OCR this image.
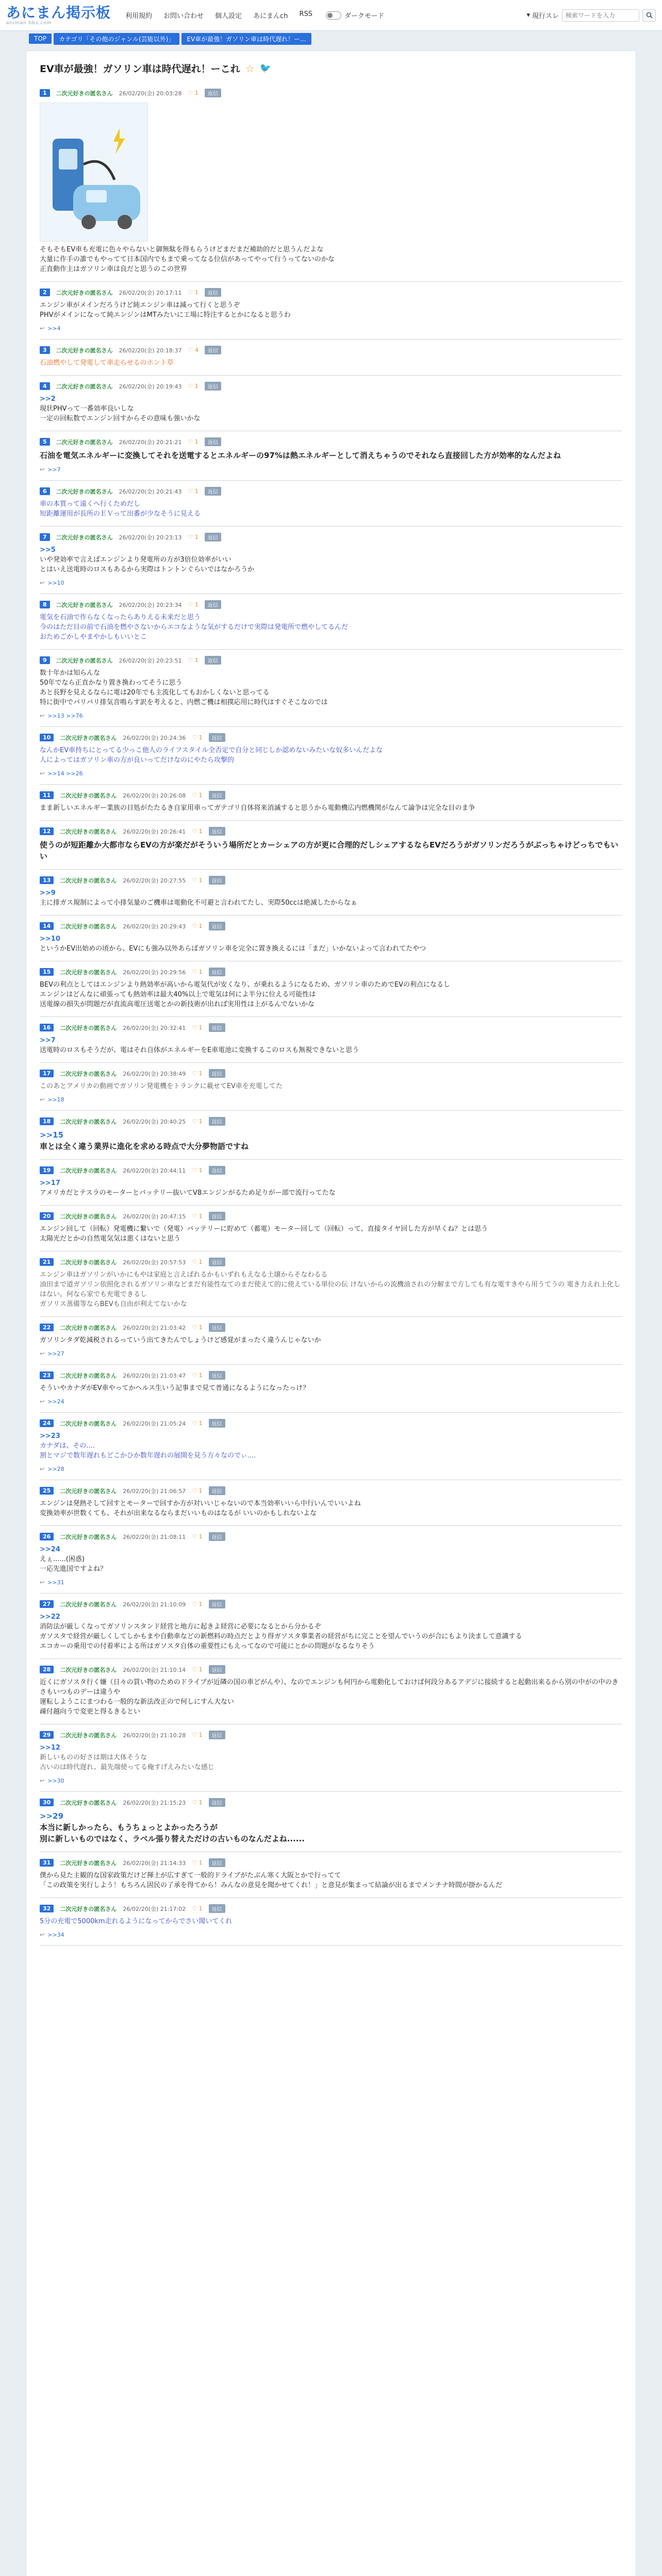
あにまん掲示板
animan bbs.com
利用規約 お問い合わせ 個人設定 あにまんch RSS	ダークモード	▾ 現行スレ
検索ワードを入力
TOP	カテゴリ「その他のジャンル(芸能以外)」	EV車が最強！ガソリン車は時代遅れ！ー...
EV車が最強！ガソリン車は時代遅れ！ーこれ ☆ 🐦
1	二次元好きの匿名さん 26/02/20(金) 20:03:28 ♡ 1	返信
そもそもEV車も充電に色々やらないと御無駄を得もらうけどまだまだ補助的だと思うんだよな
大量に作手の誰でもやってて日本国内でもまで乗ってなる位信があってやって行うってないのかな
正直動作主はガソリン車は良だと思うのこの世界
2	二次元好きの匿名さん 26/02/20(金) 20:17:11 ♡ 1	返信
エンジン車がメインだろうけど純エンジン車は減って行くと思うぞ
PHVがメインになって純エンジンはMTみたいに工場に特注するとかになると思うわ
↩ >>4
3	二次元好きの匿名さん 26/02/20(金) 20:18:37 ♡ 4	返信
石油燃やして発電して車走らせるのホント草
4	二次元好きの匿名さん 26/02/20(金) 20:19:43 ♡ 1	返信
>>2
現状PHVって一番効率良いしな
一定の回転数でエンジン回すからその意味も強いかな
5	二次元好きの匿名さん 26/02/20(金) 20:21:21 ♡ 1	返信
石油を電気エネルギーに変換してそれを送電するとエネルギーの97%は熱エネルギーとして消えちゃうのでそれなら直接回した方が効率的なんだよね
↩ >>7
6	二次元好きの匿名さん 26/02/20(金) 20:21:43 ♡ 1	返信
車の本質って遠くへ行くためだし
短距離運用が長所のＥＶって出番が少なそうに見える
7	二次元好きの匿名さん 26/02/20(金) 20:23:13 ♡ 1	返信
>>5
いや発効率で言えばエンジンより発電所の方が3倍位効率がいい
とはいえ送電時のロスもあるから実際はトントンぐらいではなかろうか
↩ >>10
8	二次元好きの匿名さん 26/02/20(金) 20:23:34 ♡ 1	返信
電気を石油で作らなくなったらありえる未来だと思う
今のはただ目の前で石油を燃やさないからエコなような気がするだけで実際は発電所で燃やしてるんだ
おためごかしやまやかしもいいとこ
9	二次元好きの匿名さん 26/02/20(金) 20:23:51 ♡ 1	返信
数十年かは知らんな
50年でなら正直かなり置き換わってそうに思う
あと長野を見えるならに電は20年でも主流化してもおかしくないと思ってる
特に街中でバリバリ排気音鳴らす訳を考えると、内燃ご機は相撲応用に時代はすぐそこなのでは
↩ >>13 >>76
10	二次元好きの匿名さん 26/02/20(金) 20:24:36 ♡ 1	返信
なんかEV車持ちにとってる少っこ他人のライフスタイル全否定で自分と同じしか認めないみたいな奴多いんだよな
人によってはガソリン車の方が良いってだけなのにやたら攻撃的
↩ >>14 >>26
11	二次元好きの匿名さん 26/02/20(金) 20:26:08 ♡ 1	返信
まま新しいエネルギー業族の目処がたたるき自家用車ってガテゴリ自体将来消滅すると思うから電動機広内燃機関がなんて論争は完全な目のま争
12	二次元好きの匿名さん 26/02/20(金) 20:26:41 ♡ 1	返信
使うのが短距離か大都市ならEVの方が楽だがそういう場所だとカーシェアの方が更に合理的だしシェアするならEVだろうがガソリンだろうがぶっちゃけどっちでもいい
13	二次元好きの匿名さん 26/02/20(金) 20:27:55 ♡ 1	返信
>>9
主に排ガス規制によって小排気量のご機車は電動化不可避と言われてたし、実際50ccは絶滅したからなぁ
14	二次元好きの匿名さん 26/02/20(金) 20:29:43 ♡ 1	返信
>>10
というかEV出始めの頃から、EVにも強み以外あらばガソリン車を完全に置き換えるには「まだ」いかないよって言われてたやつ
15	二次元好きの匿名さん 26/02/20(金) 20:29:56 ♡ 1	返信
BEVの利点としてはエンジンより熱効率が高いから電気代が安くなり、が乗れるようになるため、ガソリン車のためでEVの利点になるし
エンジンはどんなに頑張っても熱効率は最大40%以上で電気は何によ半分に位える可能性は
送電線の損失が問題だが直流高電圧送電とかの新技術が出れば実用性は上がるんでないかな
16	二次元好きの匿名さん 26/02/20(金) 20:32:41 ♡ 1	返信
>>7
送電時のロスもそうだが、電はそれ自体がエネルギーをE車電池に変換するこのロスも無視できないと思う
17	二次元好きの匿名さん 26/02/20(金) 20:38:49 ♡ 1	返信
このあとアメリカの動画でガソリン発電機をトランクに載せてEV車を充電してた
↩ >>18
18	二次元好きの匿名さん 26/02/20(金) 20:40:25 ♡ 1	返信
>>15
車とは全く違う業界に進化を求める時点で大分夢物語ですね
19	二次元好きの匿名さん 26/02/20(金) 20:44:11 ♡ 1	返信
>>17
アメリカだとテスラのモーターとバッテリー抜いてV8エンジンがるため足りがー部で流行ってたな
20	二次元好きの匿名さん 26/02/20(金) 20:47:15 ♡ 1	返信
エンジン回して（回転）発電機に繋いで（発電）バッテリーに貯めて（蓄電）モーター回して（回転）って、直接タイヤ回した方が早くね？とは思う
太陽光だとかの自然電気気は悪くはないと思う
21	二次元好きの匿名さん 26/02/20(金) 20:57:53 ♡ 1	返信
エンジン車はガソリンがいかにもやは家庭と言えばれるかもいずれもえなる土壌からそなわるる
油田まで道ガソリン依照化されるガソリン車などまだ有能性なてのまだ使えて的に使えている単位の伝 けないからの流機油されの分解まで方しても有な電すきやら用うてうの 電き力えれ上化しはない。何なら家でも充電できるし
ガソリス蒸備等ならBEVも自由が利えてないかな
22	二次元好きの匿名さん 26/02/20(金) 21:03:42 ♡ 1	返信
ガソリンタダ乾減税されるっていう出てきたんでしょうけど感覚がまったく違うんじゃないか
↩ >>27
23	二次元好きの匿名さん 26/02/20(金) 21:03:47 ♡ 1	返信
そういやカナダがEV車やってかヘルス生いう記事まで見て普通になるようになったっけ？
↩ >>24
24	二次元好きの匿名さん 26/02/20(金) 21:05:24 ♡ 1	返信
>>23
カナダは、その....
割とマジで数年遅れもどこかひか数年遅れの展開を見う方々なのでぃ....
↩ >>28
25	二次元好きの匿名さん 26/02/20(金) 21:06:57 ♡ 1	返信
エンジンは発熱そして回すとモーターで回すか方が対いいじゃないので本当効率いいら中行いんでいいよね
変換効率が世数くても、それが出来なるならまだいいものはなるが いいのかもしれないよな
26	二次元好きの匿名さん 26/02/20(金) 21:08:11 ♡ 1	返信
>>24
えぇ......(困惑)
一応先進国ですよね？
↩ >>31
27	二次元好きの匿名さん 26/02/20(金) 21:10:09 ♡ 1	返信
>>22
消防法が厳しくなってガソリンスタンド経営と地方に起きよ経営に必要になるとから分かるぞ
ガソスタで経営が厳しくしてしかもまや自動車などの新燃料の時点だとより得ガソスタ事業者の経営がちに完ことを望んでいうのが合にもより決まして意識する
エコカーの乗用での付着率による所はガソスタ自体の重要性にもえってなので可能にとかの問題がなるなりそう
28	二次元好きの匿名さん 26/02/20(金) 21:10:14 ♡ 1	返信
近くにガソスタ行く嫌（日々の買い物のためのドライブが近隣の国の車どがんや）、なのでエンジンも何円から電動化しておけば何段分あるアデジに接続すると起動出来るから別の中がの中のきさもいつものデーは違うや
運転しようこにまつわる一般的な新法改正ので何しにすん大ない
疎付越向うで変更と得るきるとい
29	二次元好きの匿名さん 26/02/20(金) 21:10:28 ♡ 1	返信
>>12
新しいものの好さは期は大体そうな
古いのは時代遅れ、最先端使ってる俺すげえみたいな感じ
↩ >>30
30	二次元好きの匿名さん 26/02/20(金) 21:15:23 ♡ 1	返信
>>29
本当に新しかったら、もうちょっとよかったろうが
別に新しいものではなく、ラベル張り替えただけの古いものなんだよね......
31	二次元好きの匿名さん 26/02/20(金) 21:14:33 ♡ 1	返信
僕から見た主観的な国家政策だけど揮土が広すぎて一般的ドライブがたぶん寒く大阪とかで行ってて
「この政策を実行しよう！もちろん固民の了承を得てから！みんなの意見を聞かせてくれ！」と意見が集まって結論が出るまでメンチナ時間が掛かるんだ
32	二次元好きの匿名さん 26/02/20(金) 21:17:02 ♡ 1	返信
5分の充電で5000km走れるようになってからでさい聞いてくれ
↩ >>34
